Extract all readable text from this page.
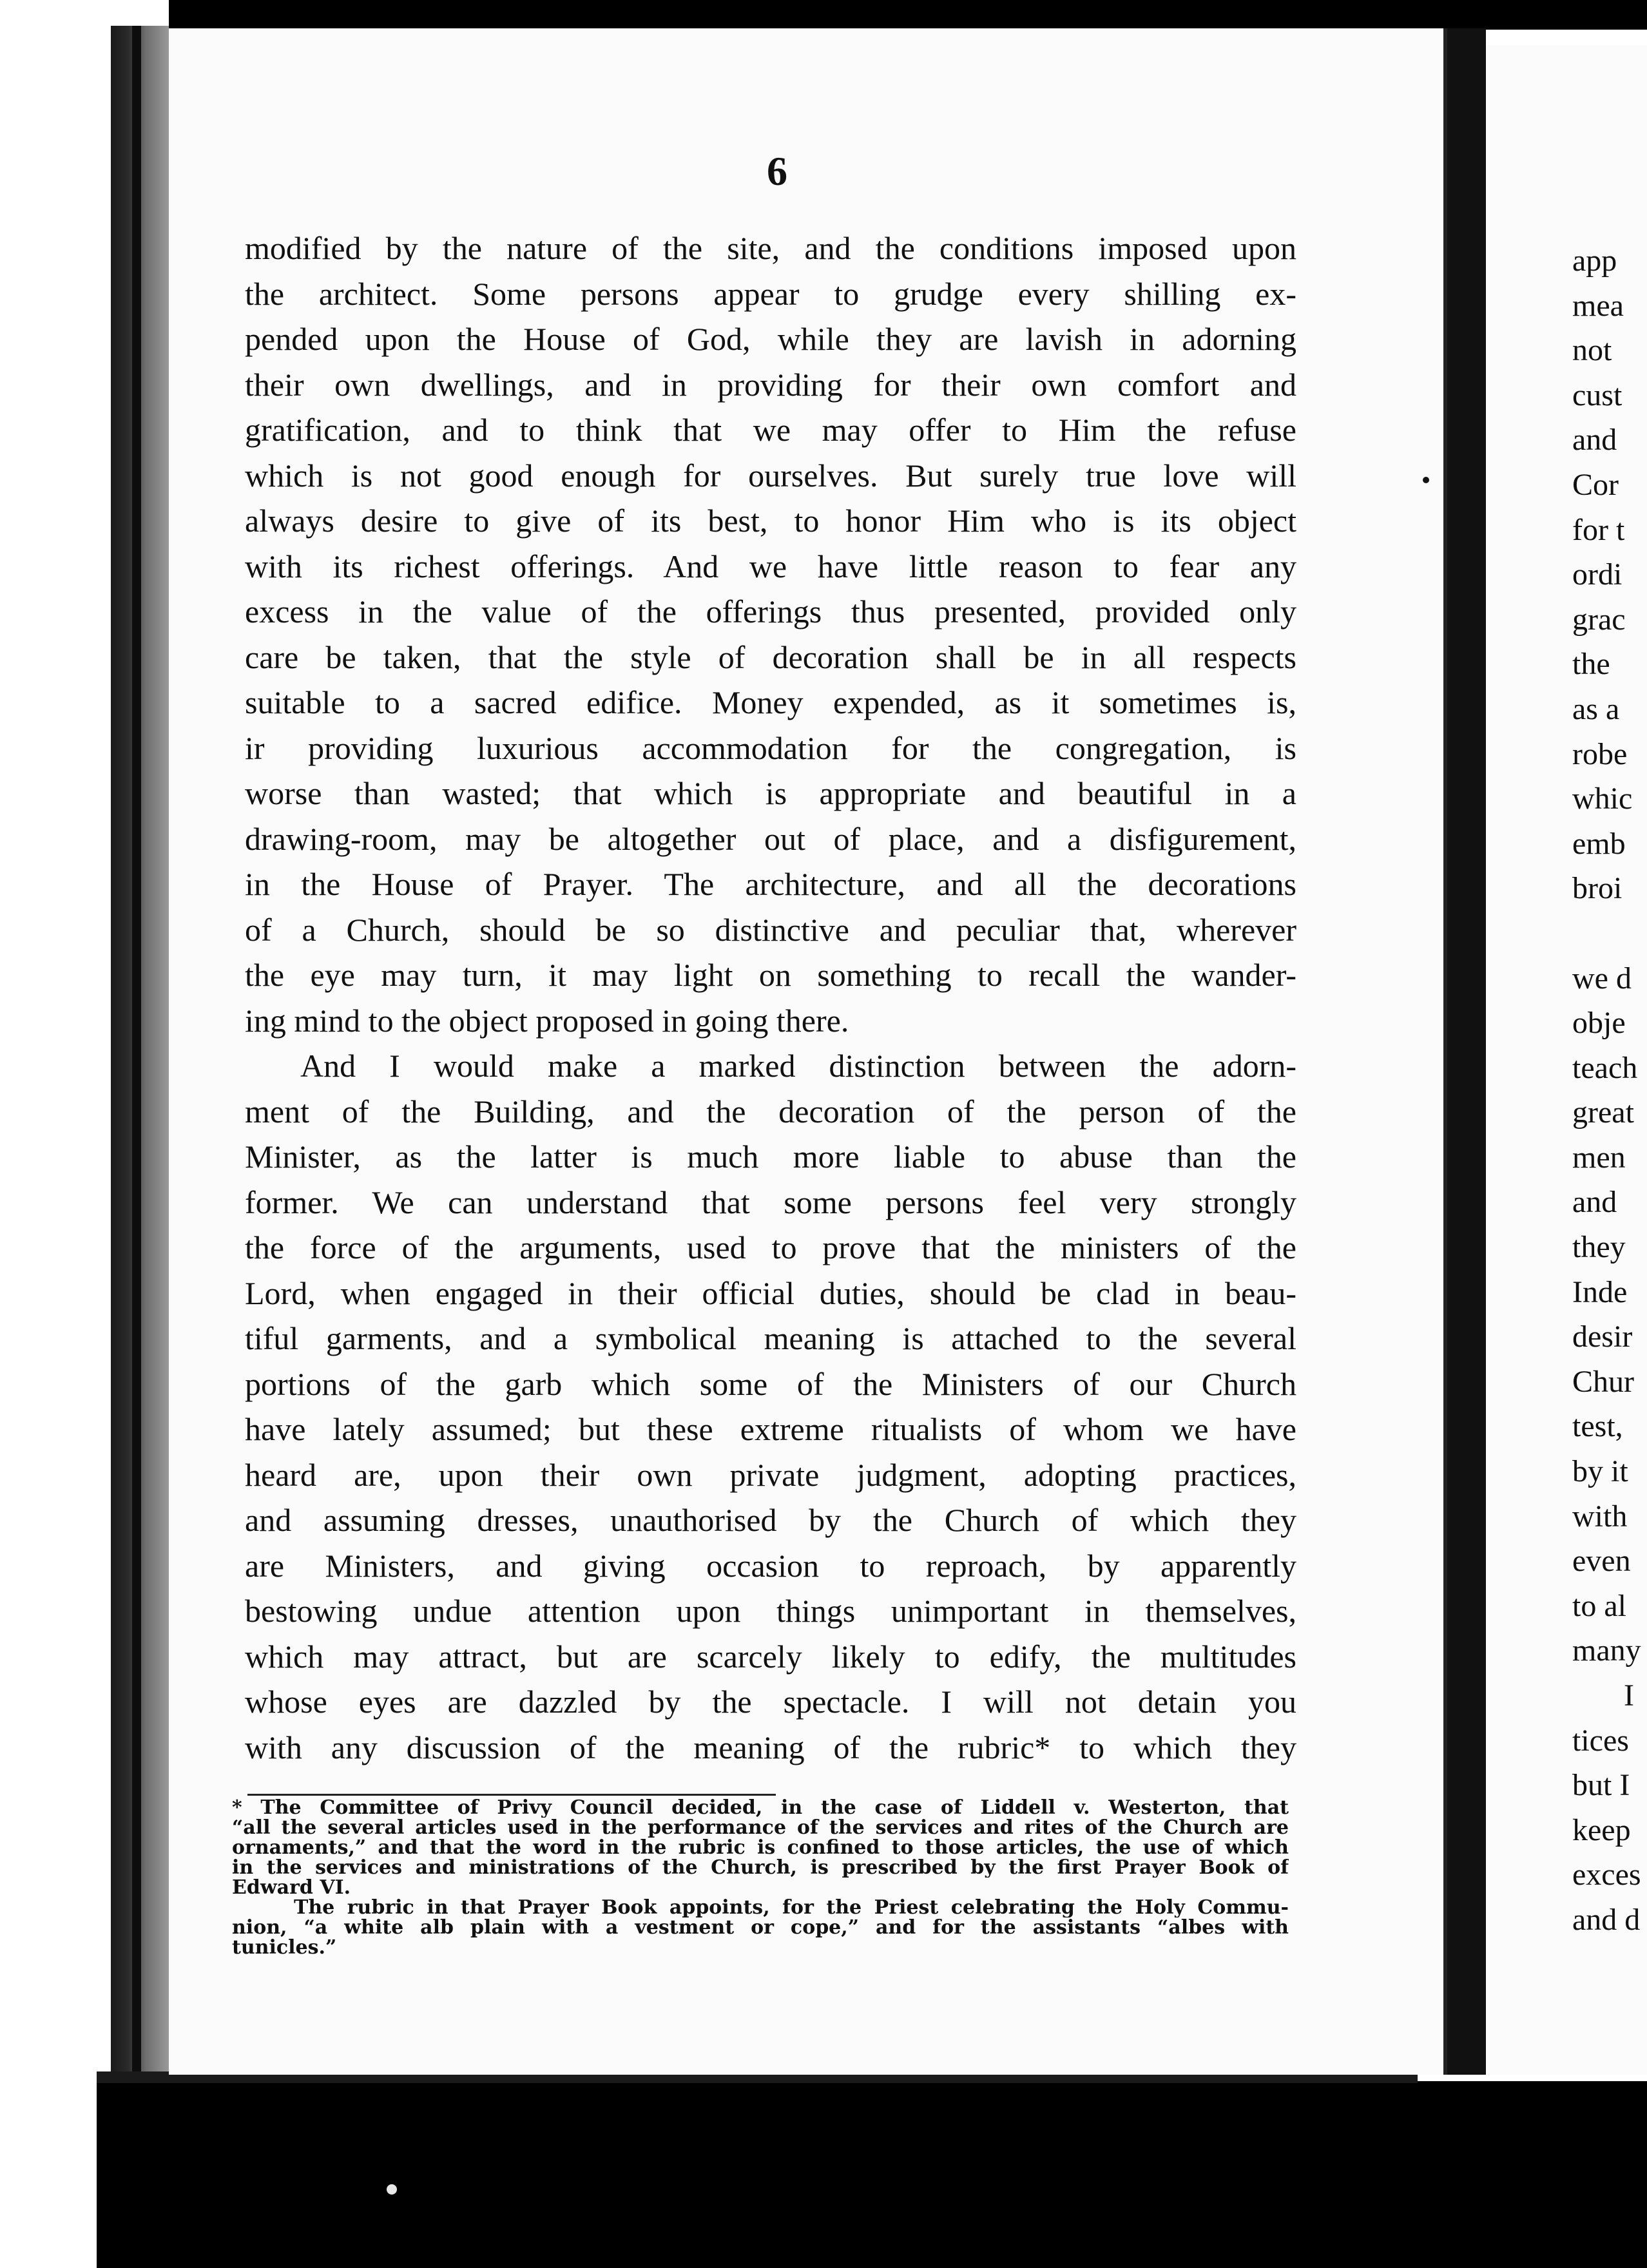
6
modified by the nature of the site, and the conditions imposed upon
the architect. Some persons appear to grudge every shilling ex-
pended upon the House of God, while they are lavish in adorning
their own dwellings, and in providing for their own comfort and
gratification, and to think that we may offer to Him the refuse
which is not good enough for ourselves. But surely true love will
always desire to give of its best, to honor Him who is its object
with its richest offerings. And we have little reason to fear any
excess in the value of the offerings thus presented, provided only
care be taken, that the style of decoration shall be in all respects
suitable to a sacred edifice. Money expended, as it sometimes is,
ir providing luxurious accommodation for the congregation, is
worse than wasted; that which is appropriate and beautiful in a
drawing-room, may be altogether out of place, and a disfigurement,
in the House of Prayer. The architecture, and all the decorations
of a Church, should be so distinctive and peculiar that, wherever
the eye may turn, it may light on something to recall the wander-
ing mind to the object proposed in going there.
And I would make a marked distinction between the adorn-
ment of the Building, and the decoration of the person of the
Minister, as the latter is much more liable to abuse than the
former. We can understand that some persons feel very strongly
the force of the arguments, used to prove that the ministers of the
Lord, when engaged in their official duties, should be clad in beau-
tiful garments, and a symbolical meaning is attached to the several
portions of the garb which some of the Ministers of our Church
have lately assumed; but these extreme ritualists of whom we have
heard are, upon their own private judgment, adopting practices,
and assuming dresses, unauthorised by the Church of which they
are Ministers, and giving occasion to reproach, by apparently
bestowing undue attention upon things unimportant in themselves,
which may attract, but are scarcely likely to edify, the multitudes
whose eyes are dazzled by the spectacle. I will not detain you
with any discussion of the meaning of the rubric* to which they
* The Committee of Privy Council decided, in the case of Liddell v. Westerton, that
“all the several articles used in the performance of the services and rites of the Church are
ornaments,” and that the word in the rubric is confined to those articles, the use of which
in the services and ministrations of the Church, is prescribed by the first Prayer Book of
Edward VI.
The rubric in that Prayer Book appoints, for the Priest celebrating the Holy Commu-
nion, “a white alb plain with a vestment or cope,” and for the assistants “albes with
tunicles.”
app
mea
not
cust
and
Cor
for t
ordi
grac
the
as a
robe
whic
emb
broi
we d
obje
teach
great
men
and
they
Inde
desir
Chur
test,
by it
with
even
to al
many
I
tices
but I
keep
exces
and d
